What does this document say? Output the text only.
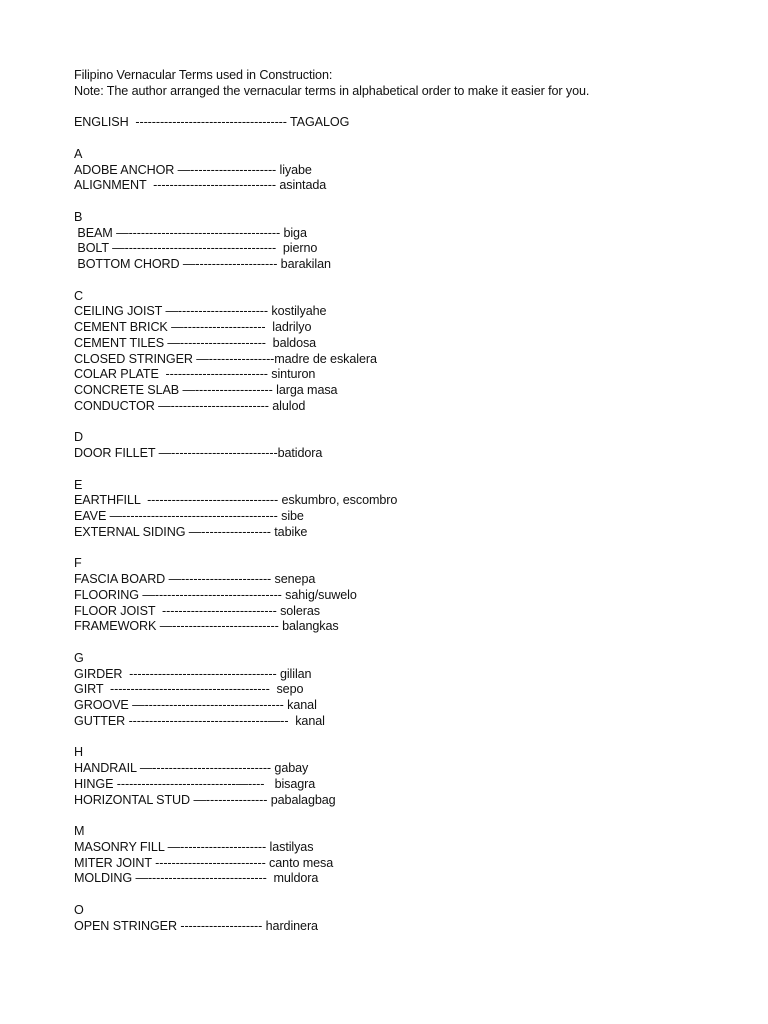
Filipino Vernacular Terms used in Construction:
Note: The author arranged the vernacular terms in alphabetical order to make it easier for you.
ENGLISH  ------------------------------------- TAGALOG
A
ADOBE ANCHOR —--------------------- liyabe
ALIGNMENT  ------------------------------ asintada
B
BEAM —------------------------------------- biga
BOLT —-------------------------------------  pierno
BOTTOM CHORD —-------------------- barakilan
C
CEILING JOIST —---------------------- kostilyahe
CEMENT BRICK —--------------------  ladrilyo
CEMENT TILES —---------------------  baldosa
CLOSED STRINGER —----------------madre de eskalera
COLAR PLATE  ------------------------- sinturon
CONCRETE SLAB —------------------- larga masa
CONDUCTOR —------------------------ alulod
D
DOOR FILLET —--------------------------batidora
E
EARTHFILL  -------------------------------- eskumbro, escombro
EAVE —-------------------------------------- sibe
EXTERNAL SIDING —----------------- tabike
F
FASCIA BOARD —---------------------- senepa
FLOORING —------------------------------- sahig/suwelo
FLOOR JOIST  ---------------------------- soleras
FRAMEWORK —-------------------------- balangkas
G
GIRDER  ------------------------------------ gililan
GIRT  ---------------------------------------  sepo
GROOVE —---------------------------------- kanal
GUTTER ----------------------------------—--  kanal
H
HANDRAIL —----------------------------- gabay
HINGE -----------------------------—----   bisagra
HORIZONTAL STUD —--------------- pabalagbag
M
MASONRY FILL —--------------------- lastilyas
MITER JOINT --------------------------- canto mesa
MOLDING —-----------------------------  muldora
O
OPEN STRINGER -------------------- hardinera
